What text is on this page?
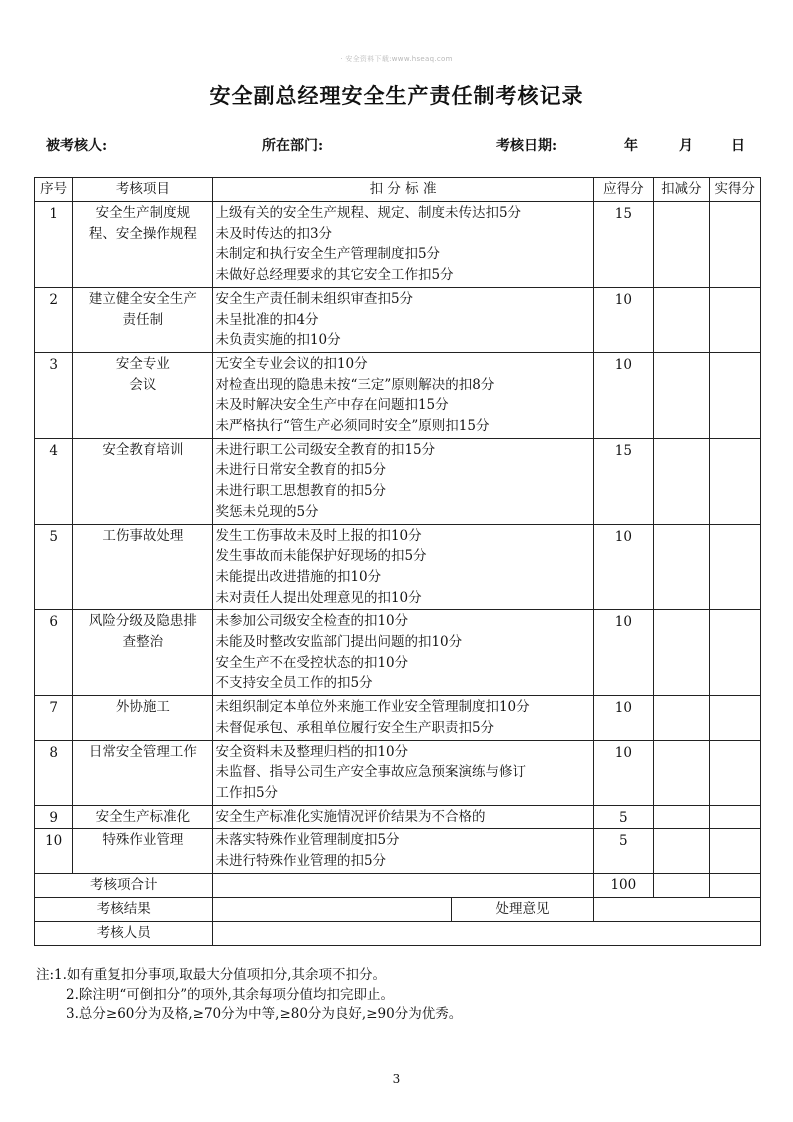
· 安全资料下载:www.hseaq.com
安全副总经理安全生产责任制考核记录
被考核人:	所在部门:	考核日期:	年	月	日
序号	考核项目	扣 分 标 准		应得分	扣减分	实得分
1	安全生产制度规
程、安全操作规程	上级有关的安全生产规程、规定、制度未传达扣5分
未及时传达的扣3分
未制定和执行安全生产管理制度扣5分
未做好总经理要求的其它安全工作扣5分		15		
2	建立健全安全生产
责任制	安全生产责任制未组织审查扣5分
未呈批准的扣4分
未负责实施的扣10分		10		
3	安全专业
会议	无安全专业会议的扣10分
对检查出现的隐患未按“三定”原则解决的扣8分
未及时解决安全生产中存在问题扣15分
未严格执行“管生产必须同时安全”原则扣15分		10		
4	安全教育培训	未进行职工公司级安全教育的扣15分
未进行日常安全教育的扣5分
未进行职工思想教育的扣5分
奖惩未兑现的5分		15		
5	工伤事故处理	发生工伤事故未及时上报的扣10分
发生事故而未能保护好现场的扣5分
未能提出改进措施的扣10分
未对责任人提出处理意见的扣10分		10		
6	风险分级及隐患排
查整治	未参加公司级安全检查的扣10分
未能及时整改安监部门提出问题的扣10分
安全生产不在受控状态的扣10分
不支持安全员工作的扣5分		10		
7	外协施工	未组织制定本单位外来施工作业安全管理制度扣10分
未督促承包、承租单位履行安全生产职责扣5分		10		
8	日常安全管理工作	安全资料未及整理归档的扣10分
未监督、指导公司生产安全事故应急预案演练与修订
工作扣5分		10		
9	安全生产标准化	安全生产标准化实施情况评价结果为不合格的		5		
10	特殊作业管理	未落实特殊作业管理制度扣5分
未进行特殊作业管理的扣5分		5		
考核项合计				100		
考核结果			处理意见			
考核人员						
注:1.如有重复扣分事项,取最大分值项扣分,其余项不扣分。
2.除注明“可倒扣分”的项外,其余每项分值均扣完即止。
3.总分≥60分为及格,≥70分为中等,≥80分为良好,≥90分为优秀。
3
